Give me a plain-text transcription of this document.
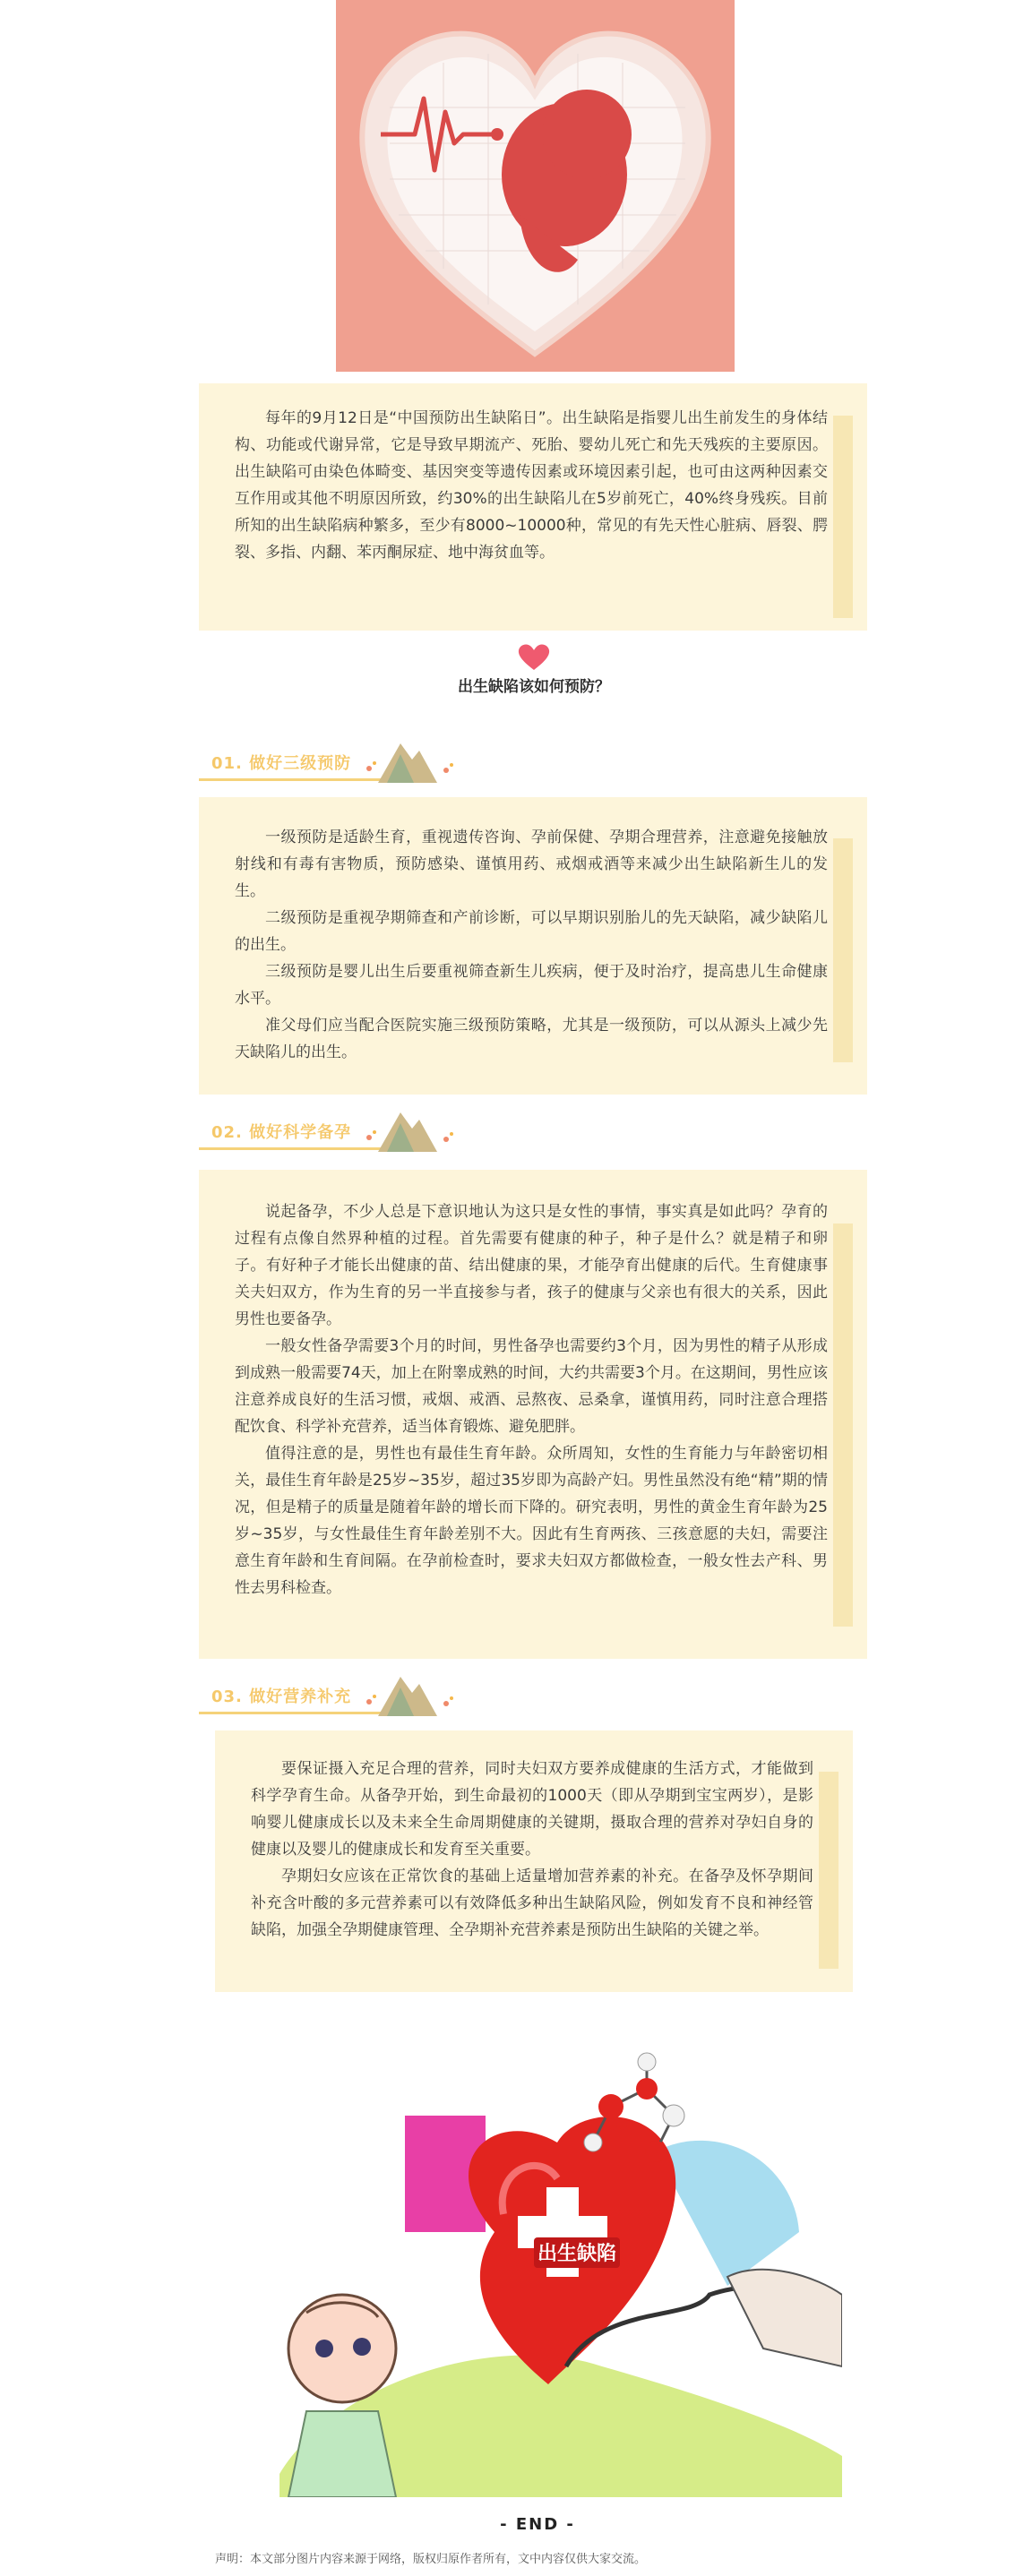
每年的9月12日是“中国预防出生缺陷日”。出生缺陷是指婴儿出生前发生的身体结构、功能或代谢异常，它是导致早期流产、死胎、婴幼儿死亡和先天残疾的主要原因。出生缺陷可由染色体畸变、基因突变等遗传因素或环境因素引起，也可由这两种因素交互作用或其他不明原因所致，约30%的出生缺陷儿在5岁前死亡，40%终身残疾。目前所知的出生缺陷病种繁多，至少有8000~10000种，常见的有先天性心脏病、唇裂、腭裂、多指、内翻、苯丙酮尿症、地中海贫血等。

出生缺陷该如何预防？
01. 做好三级预防

一级预防是适龄生育，重视遗传咨询、孕前保健、孕期合理营养，注意避免接触放射线和有毒有害物质，预防感染、谨慎用药、戒烟戒酒等来减少出生缺陷新生儿的发生。

二级预防是重视孕期筛查和产前诊断，可以早期识别胎儿的先天缺陷，减少缺陷儿的出生。

三级预防是婴儿出生后要重视筛查新生儿疾病，便于及时治疗，提高患儿生命健康水平。

准父母们应当配合医院实施三级预防策略，尤其是一级预防，可以从源头上减少先天缺陷儿的出生。

02. 做好科学备孕

说起备孕，不少人总是下意识地认为这只是女性的事情，事实真是如此吗？孕育的过程有点像自然界种植的过程。首先需要有健康的种子，种子是什么？就是精子和卵子。有好种子才能长出健康的苗、结出健康的果，才能孕育出健康的后代。生育健康事关夫妇双方，作为生育的另一半直接参与者，孩子的健康与父亲也有很大的关系，因此男性也要备孕。

一般女性备孕需要3个月的时间，男性备孕也需要约3个月，因为男性的精子从形成到成熟一般需要74天，加上在附睾成熟的时间，大约共需要3个月。在这期间，男性应该注意养成良好的生活习惯，戒烟、戒酒、忌熬夜、忌桑拿，谨慎用药，同时注意合理搭配饮食、科学补充营养，适当体育锻炼、避免肥胖。

值得注意的是，男性也有最佳生育年龄。众所周知，女性的生育能力与年龄密切相关，最佳生育年龄是25岁~35岁，超过35岁即为高龄产妇。男性虽然没有绝“精”期的情况，但是精子的质量是随着年龄的增长而下降的。研究表明，男性的黄金生育年龄为25岁~35岁，与女性最佳生育年龄差别不大。因此有生育两孩、三孩意愿的夫妇，需要注意生育年龄和生育间隔。在孕前检查时，要求夫妇双方都做检查，一般女性去产科、男性去男科检查。

03. 做好营养补充

要保证摄入充足合理的营养，同时夫妇双方要养成健康的生活方式，才能做到科学孕育生命。从备孕开始，到生命最初的1000天（即从孕期到宝宝两岁），是影响婴儿健康成长以及未来全生命周期健康的关键期，摄取合理的营养对孕妇自身的健康以及婴儿的健康成长和发育至关重要。

孕期妇女应该在正常饮食的基础上适量增加营养素的补充。在备孕及怀孕期间补充含叶酸的多元营养素可以有效降低多种出生缺陷风险，例如发育不良和神经管缺陷，加强全孕期健康管理、全孕期补充营养素是预防出生缺陷的关键之举。

出生缺陷
- END -
声明：本文部分图片内容来源于网络，版权归原作者所有，文中内容仅供大家交流。
